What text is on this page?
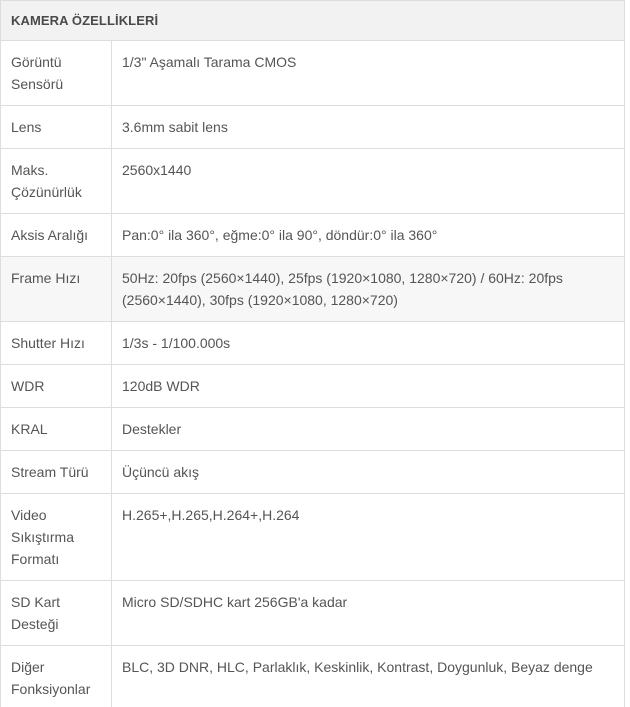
KAMERA ÖZELLİKLERİ	
Görüntü Sensörü	1/3" Aşamalı Tarama CMOS
Lens	3.6mm sabit lens
Maks. Çözünürlük	2560x1440
Aksis Aralığı	Pan:0° ila 360°, eğme:0° ila 90°, döndür:0° ila 360°
Frame Hızı	50Hz: 20fps (2560×1440), 25fps (1920×1080, 1280×720) / 60Hz: 20fps (2560×1440), 30fps (1920×1080, 1280×720)
Shutter Hızı	1/3s - 1/100.000s
WDR	120dB WDR
KRAL	Destekler
Stream Türü	Üçüncü akış
Video Sıkıştırma Formatı	H.265+,H.265,H.264+,H.264
SD Kart Desteği	Micro SD/SDHC kart 256GB'a kadar
Diğer Fonksiyonlar	BLC, 3D DNR, HLC, Parlaklık, Keskinlik, Kontrast, Doygunluk, Beyaz denge
